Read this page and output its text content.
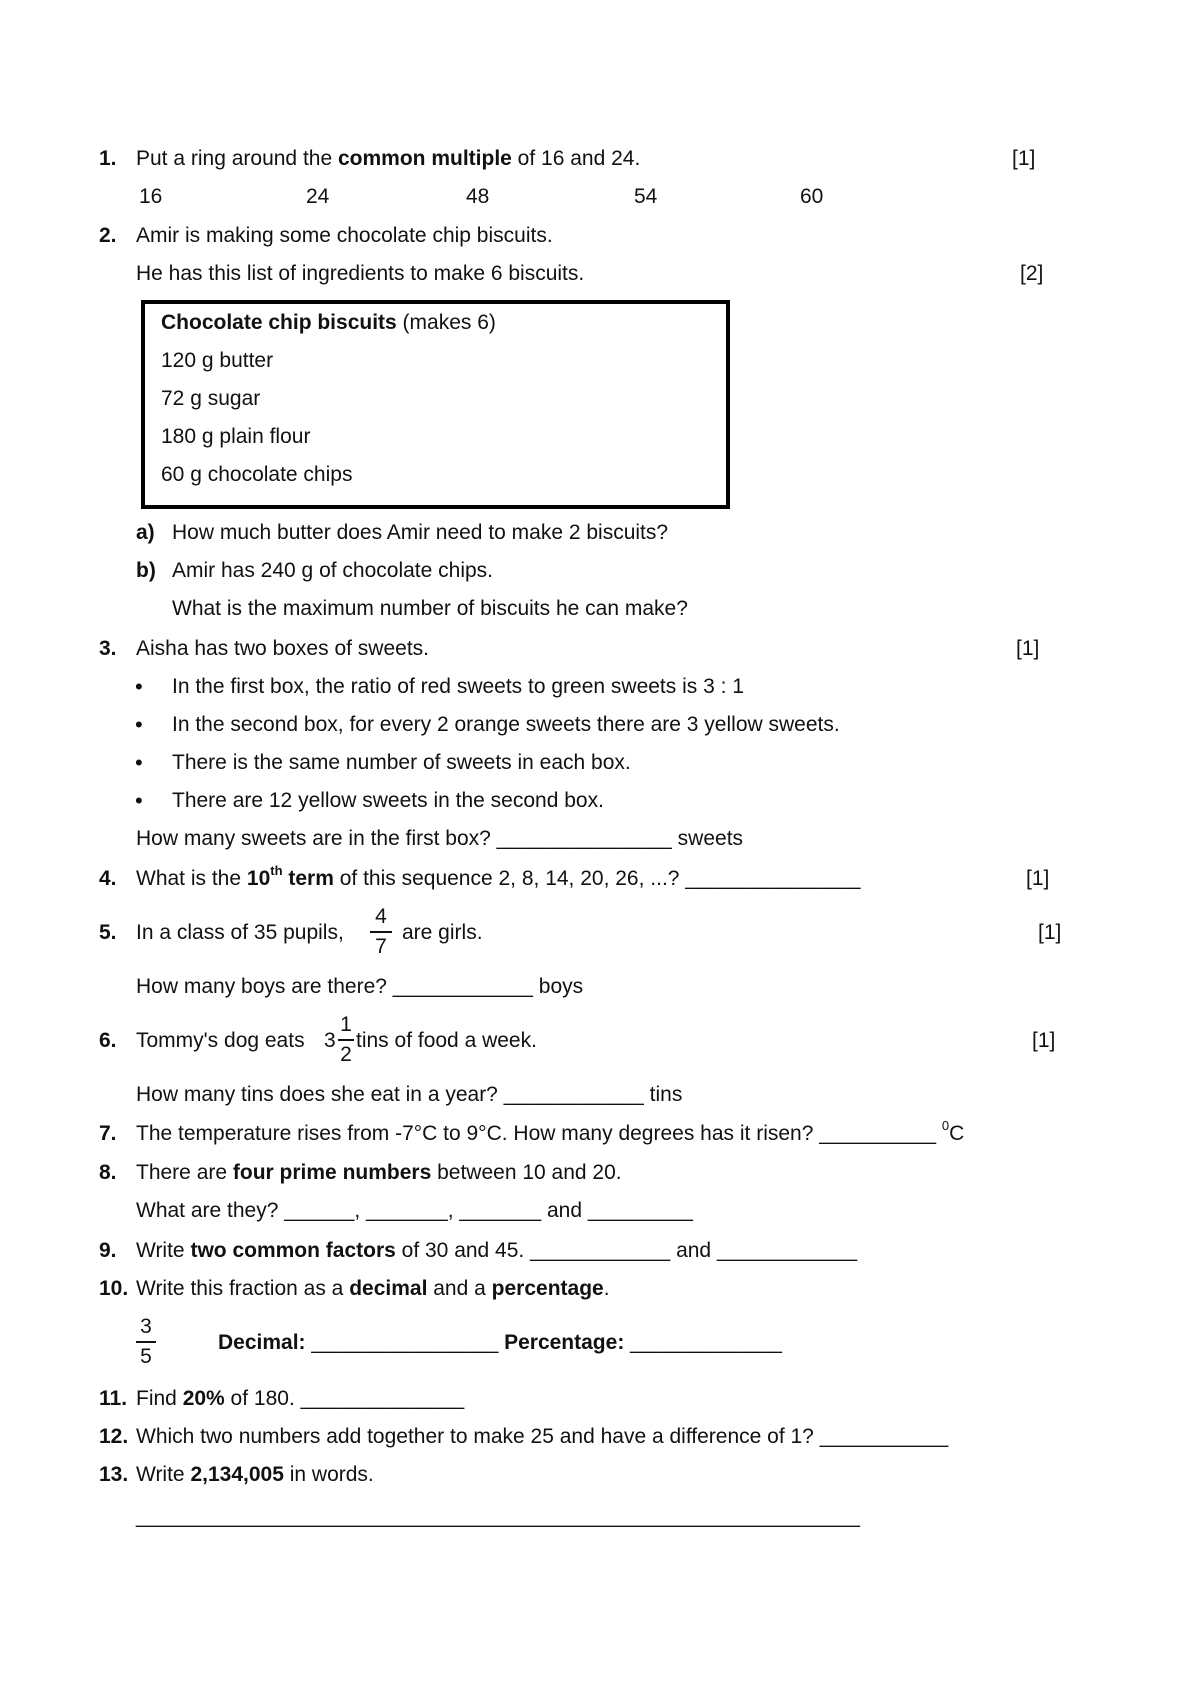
1. Put a ring around the common multiple of 16 and 24.	[1]
16	24	48	54	60
2. Amir is making some chocolate chip biscuits.
He has this list of ingredients to make 6 biscuits.	[2]
Chocolate chip biscuits (makes 6)
120 g butter
72 g sugar
180 g plain flour
60 g chocolate chips
a) How much butter does Amir need to make 2 biscuits?
b) Amir has 240 g of chocolate chips.
What is the maximum number of biscuits he can make?
3. Aisha has two boxes of sweets.	[1]
• In the first box, the ratio of red sweets to green sweets is 3 : 1
• In the second box, for every 2 orange sweets there are 3 yellow sweets.
• There is the same number of sweets in each box.
• There are 12 yellow sweets in the second box.
How many sweets are in the first box? _______________ sweets
4. What is the 10th term of this sequence 2, 8, 14, 20, 26, ...? _______________	[1]
5. In a class of 35 pupils,
4
7
are girls.	[1]
How many boys are there? ____________ boys
6. Tommy's dog eats 3
1
2
tins of food a week.	[1]
How many tins does she eat in a year? ____________ tins
7. The temperature rises from -7°C to 9°C. How many degrees has it risen? __________ $^0$C
8. There are four prime numbers between 10 and 20.
What are they? ______, _______, _______ and _________
9. Write two common factors of 30 and 45. ____________ and ____________
10. Write this fraction as a decimal and a percentage.
3
5
Decimal: ________________ Percentage: _____________
11. Find 20% of 180. ______________
12. Which two numbers add together to make 25 and have a difference of 1? ___________
13. Write 2,134,005 in words.
______________________________________________________________
